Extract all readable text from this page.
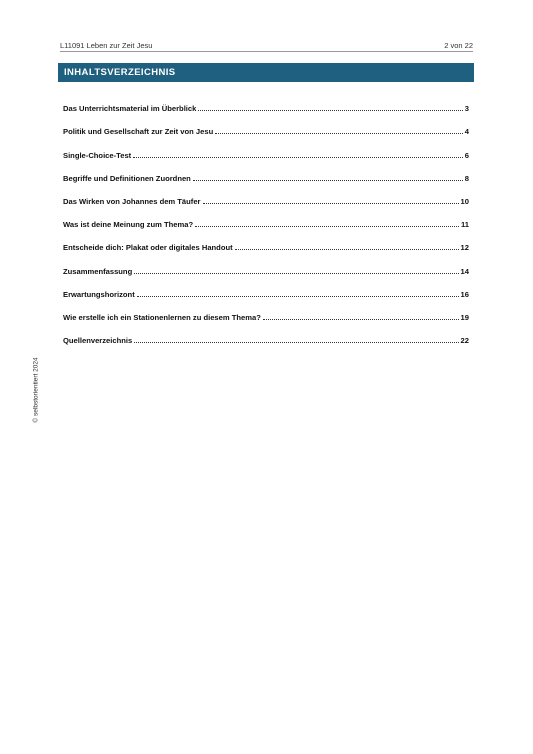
L11091 Leben zur Zeit Jesu	2 von 22
INHALTSVERZEICHNIS
Das Unterrichtsmaterial im Überblick	3
Politik und Gesellschaft zur Zeit von Jesu	4
Single-Choice-Test	6
Begriffe und Definitionen Zuordnen	8
Das Wirken von Johannes dem Täufer	10
Was ist deine Meinung zum Thema?	11
Entscheide dich: Plakat oder digitales Handout	12
Zusammenfassung	14
Erwartungshorizont	16
Wie erstelle ich ein Stationenlernen zu diesem Thema?	19
Quellenverzeichnis	22
© selbstorientiert 2024
